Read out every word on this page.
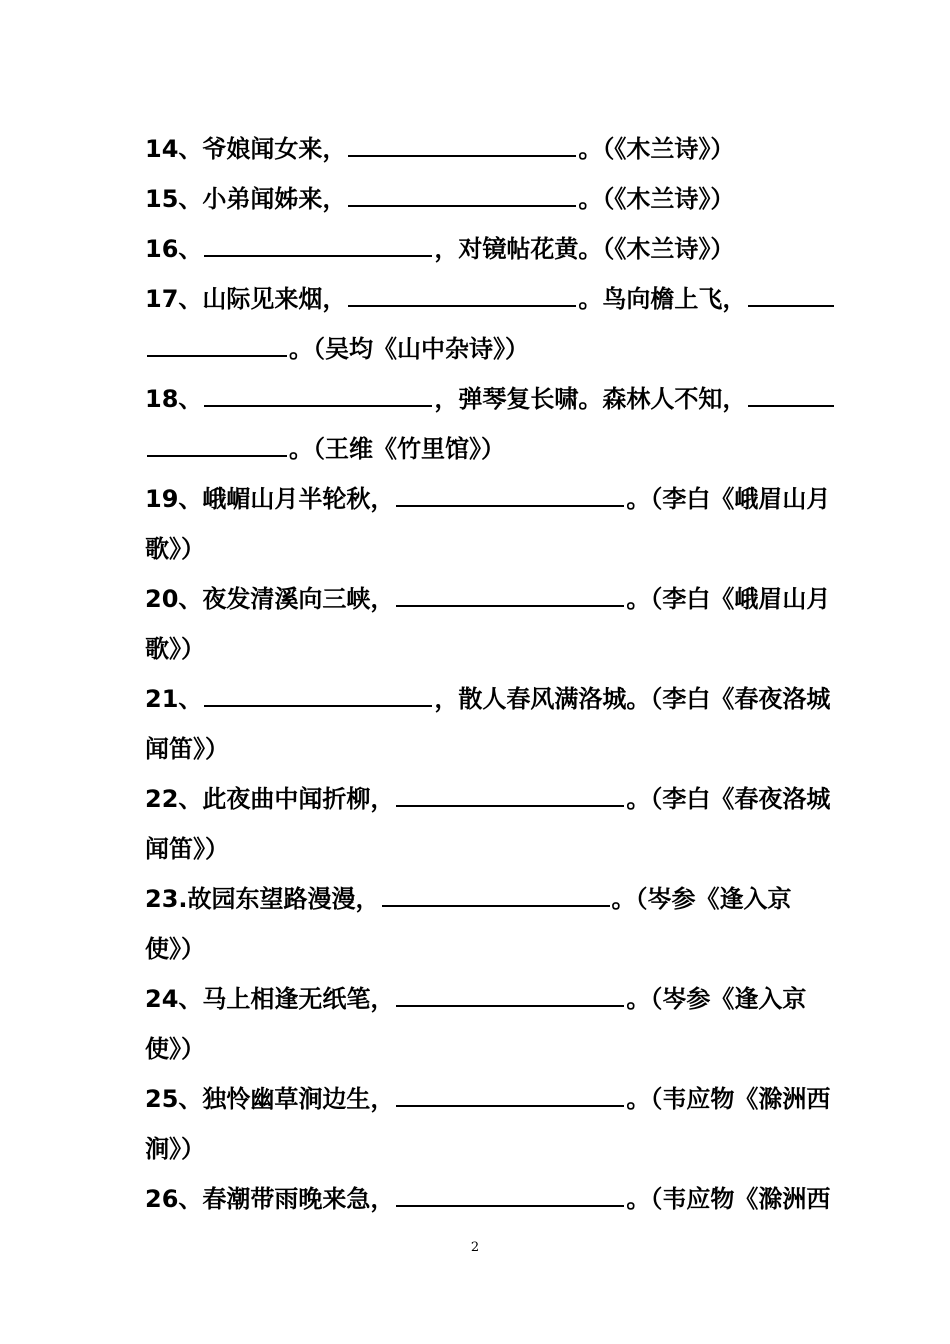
14、爷娘闻女来，	。（《木兰诗》）
15、小弟闻姊来，	。（《木兰诗》）
16、	，对镜帖花黄。（《木兰诗》）
17、山际见来烟，	。鸟向檐上飞，
。（吴均《山中杂诗》）
18、	，弹琴复长啸。森林人不知，
。（王维《竹里馆》）
19、峨嵋山月半轮秋，	。（李白《峨眉山月
歌》）
20、夜发清溪向三峡，	。（李白《峨眉山月
歌》）
21、	，散人春风满洛城。（李白《春夜洛城
闻笛》）
22、此夜曲中闻折柳，	。（李白《春夜洛城
闻笛》）
23.故园东望路漫漫，	。（岑参《逢入京
使》）
24、马上相逢无纸笔，	。（岑参《逢入京
使》）
25、独怜幽草涧边生，	。（韦应物《滁洲西
涧》）
26、春潮带雨晚来急，	。（韦应物《滁洲西
2
